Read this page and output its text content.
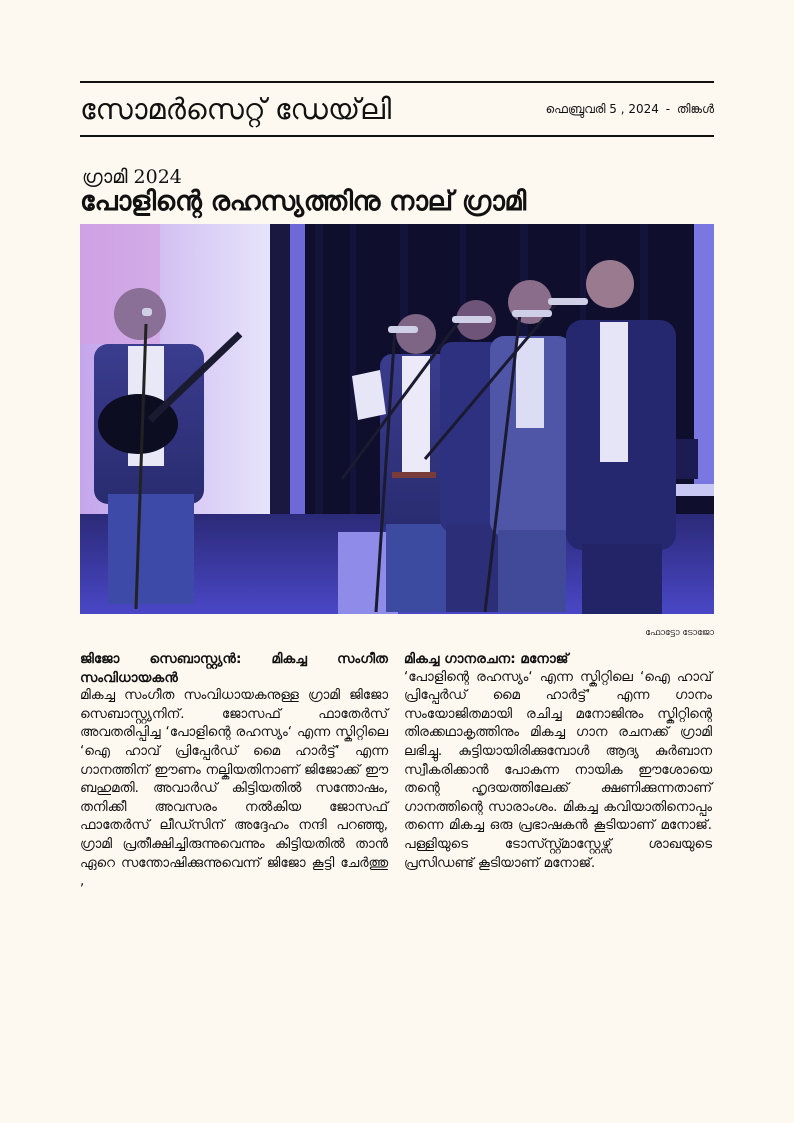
സോമർസെറ്റ് ഡേയ്‌ലി	ഫെബ്രുവരി 5 , 2024 - തിങ്കൾ
ഗ്രാമി 2024
പോളിന്റെ രഹസ്യത്തിനു നാല് ഗ്രാമി
ഫോട്ടോ ടോജോ
ജിജോ സെബാസ്റ്റ്യൻ: മികച്ച സംഗീത സംവിധായകൻ

മികച്ച സംഗീത സംവിധായകനുള്ള ഗ്രാമി ജിജോ സെബാസ്റ്റ്യനിന്. ജോസഫ് ഫാതേർസ് അവതരിപ്പിച്ച ‘പോളിന്റെ രഹസ്യം‘ എന്ന സ്കിറ്റിലെ ‘ഐ ഹാവ് പ്രിപ്പേർഡ് മൈ ഹാർട്ട്‘ എന്ന ഗാനത്തിന് ഈണം നല്കിയതിനാണ് ജിജോക്ക് ഈ ബഹുമതി. അവാർഡ് കിട്ടിയതിൽ സന്തോഷം, തനിക്കീ അവസരം നൽകിയ ജോസഫ് ഫാതേർസ് ലീഡ്സിന് അദ്ദേഹം നന്ദി പറഞ്ഞു, ഗ്രാമി പ്രതീക്ഷിച്ചിരുന്നുവെന്നും കിട്ടിയതിൽ താൻ ഏറെ സന്തോഷിക്കുന്നുവെന്ന് ജിജോ കൂട്ടി ചേർത്തു ,

മികച്ച ഗാനരചന: മനോജ്

‘പോളിന്റെ രഹസ്യം‘ എന്ന സ്കിറ്റിലെ ‘ഐ ഹാവ് പ്രിപ്പേർഡ് മൈ ഹാർട്ട്‘ എന്ന ഗാനം സംയോജിതമായി രചിച്ച മനോജിനും സ്കിറ്റിന്റെ തിരക്കഥാകൃത്തിനും മികച്ച ഗാന രചനക്ക് ഗ്രാമി ലഭിച്ചു. കുട്ടിയായിരിക്കുമ്പോൾ ആദ്യ കുർബാന സ്വീകരിക്കാൻ പോകുന്ന നായിക ഈശോയെ തന്റെ ഹൃദയത്തിലേക്ക് ക്ഷണിക്കുന്നതാണ് ഗാനത്തിന്റെ സാരാംശം. മികച്ച കവിയാതിനൊപ്പം തന്നെ മികച്ച ഒരു പ്രഭാഷകൻ കൂടിയാണ് മനോജ്. പള്ളിയുടെ ടോസ്സ്റ്റ്മാസ്റ്റേഴ്സ് ശാഖയുടെ പ്രസിഡണ്ട് കൂടിയാണ് മനോജ്.
